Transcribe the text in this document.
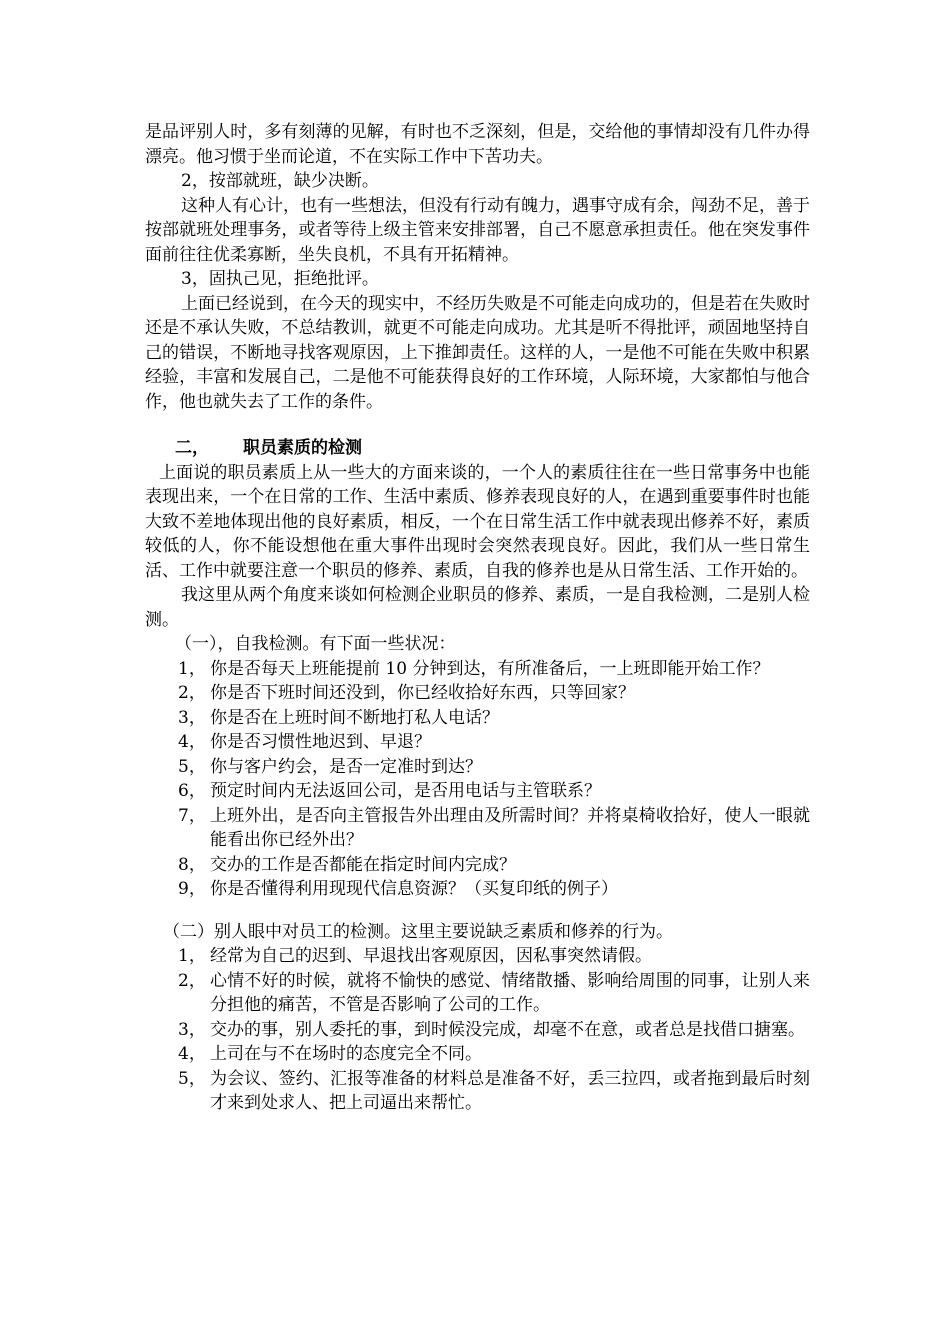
是品评别人时，多有刻薄的见解，有时也不乏深刻，但是，交给他的事情却没有几件办得漂亮。他习惯于坐而论道，不在实际工作中下苦功夫。

2，按部就班，缺少决断。

这种人有心计，也有一些想法，但没有行动有魄力，遇事守成有余，闯劲不足，善于按部就班处理事务，或者等待上级主管来安排部署，自己不愿意承担责任。他在突发事件面前往往优柔寡断，坐失良机，不具有开拓精神。

3，固执己见，拒绝批评。

上面已经说到，在今天的现实中，不经历失败是不可能走向成功的，但是若在失败时还是不承认失败，不总结教训，就更不可能走向成功。尤其是听不得批评，顽固地坚持自己的错误，不断地寻找客观原因，上下推卸责任。这样的人，一是他不可能在失败中积累经验，丰富和发展自己，二是他不可能获得良好的工作环境，人际环境，大家都怕与他合作，他也就失去了工作的条件。

二，	职员素质的检测

上面说的职员素质上从一些大的方面来谈的，一个人的素质往往在一些日常事务中也能表现出来，一个在日常的工作、生活中素质、修养表现良好的人，在遇到重要事件时也能大致不差地体现出他的良好素质，相反，一个在日常生活工作中就表现出修养不好，素质较低的人，你不能设想他在重大事件出现时会突然表现良好。因此，我们从一些日常生活、工作中就要注意一个职员的修养、素质，自我的修养也是从日常生活、工作开始的。

我这里从两个角度来谈如何检测企业职员的修养、素质，一是自我检测，二是别人检测。

（一），自我检测。有下面一些状况：

1， 你是否每天上班能提前 10 分钟到达，有所准备后，一上班即能开始工作？
2， 你是否下班时间还没到，你已经收拾好东西，只等回家？
3， 你是否在上班时间不断地打私人电话？
4， 你是否习惯性地迟到、早退？
5， 你与客户约会，是否一定准时到达？
6， 预定时间内无法返回公司，是否用电话与主管联系？
7， 上班外出，是否向主管报告外出理由及所需时间？并将桌椅收拾好，使人一眼就能看出你已经外出？
8， 交办的工作是否都能在指定时间内完成？
9， 你是否懂得利用现现代信息资源？（买复印纸的例子）

（二）别人眼中对员工的检测。这里主要说缺乏素质和修养的行为。

1， 经常为自己的迟到、早退找出客观原因，因私事突然请假。
2， 心情不好的时候，就将不愉快的感觉、情绪散播、影响给周围的同事，让别人来分担他的痛苦，不管是否影响了公司的工作。
3， 交办的事，别人委托的事，到时候没完成，却毫不在意，或者总是找借口搪塞。
4， 上司在与不在场时的态度完全不同。
5， 为会议、签约、汇报等准备的材料总是准备不好，丢三拉四，或者拖到最后时刻才来到处求人、把上司逼出来帮忙。
